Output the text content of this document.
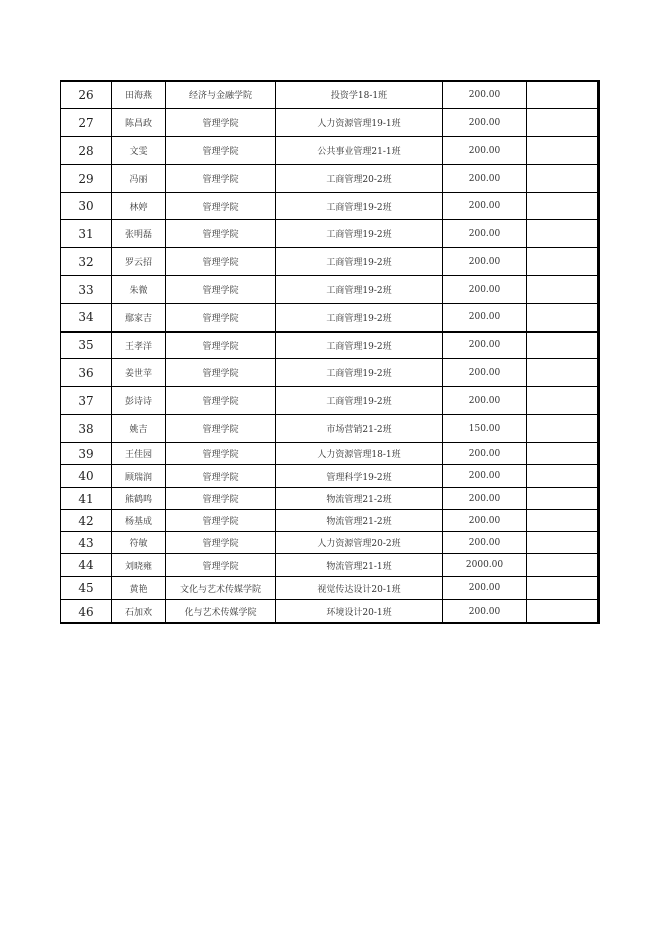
26	田海燕	经济与金融学院	投资学18-1班	200.00	
27	陈昌政	管理学院	人力资源管理19-1班	200.00	
28	文雯	管理学院	公共事业管理21-1班	200.00	
29	冯丽	管理学院	工商管理20-2班	200.00	
30	林婷	管理学院	工商管理19-2班	200.00	
31	张明磊	管理学院	工商管理19-2班	200.00	
32	罗云招	管理学院	工商管理19-2班	200.00	
33	朱微	管理学院	工商管理19-2班	200.00	
34	鄢家吉	管理学院	工商管理19-2班	200.00	
35	王孝洋	管理学院	工商管理19-2班	200.00	
36	姜世苹	管理学院	工商管理19-2班	200.00	
37	彭诗诗	管理学院	工商管理19-2班	200.00	
38	姚吉	管理学院	市场营销21-2班	150.00	
39	王佳园	管理学院	人力资源管理18-1班	200.00	
40	顾瑞润	管理学院	管理科学19-2班	200.00	
41	熊鹤鸣	管理学院	物流管理21-2班	200.00	
42	杨基成	管理学院	物流管理21-2班	200.00	
43	符敏	管理学院	人力资源管理20-2班	200.00	
44	刘晓雍	管理学院	物流管理21-1班	2000.00	
45	黄艳	文化与艺术传媒学院	视觉传达设计20-1班	200.00	
46	石加欢	化与艺术传媒学院	环境设计20-1班	200.00	
